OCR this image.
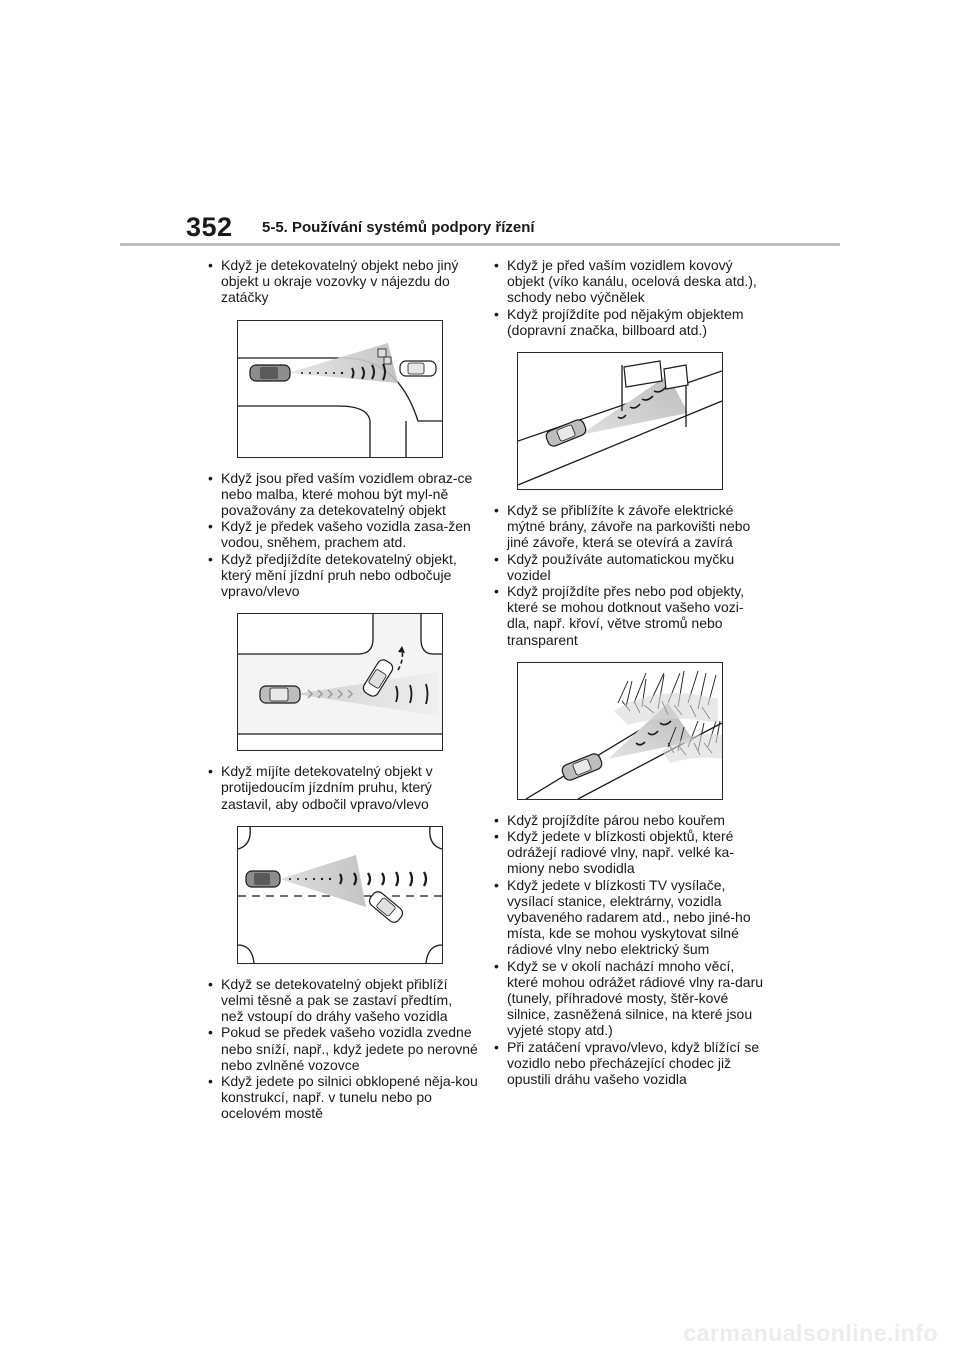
352 5-5. Používání systémů podpory řízení
• Když je detekovatelný objekt nebo jiný objekt u okraje vozovky v nájezdu do zatáčky
• Když jsou před vaším vozidlem obraz-ce nebo malba, které mohou být myl-ně považovány za detekovatelný objekt
• Když je předek vašeho vozidla zasa-žen vodou, sněhem, prachem atd.
• Když předjíždíte detekovatelný objekt, který mění jízdní pruh nebo odbočuje vpravo/vlevo
• Když míjíte detekovatelný objekt v protijedoucím jízdním pruhu, který zastavil, aby odbočil vpravo/vlevo
• Když se detekovatelný objekt přiblíží velmi těsně a pak se zastaví předtím, než vstoupí do dráhy vašeho vozidla
• Pokud se předek vašeho vozidla zvedne nebo sníží, např., když jedete po nerovné nebo zvlněné vozovce
• Když jedete po silnici obklopené něja-kou konstrukcí, např. v tunelu nebo po ocelovém mostě
• Když je před vaším vozidlem kovový objekt (víko kanálu, ocelová deska atd.), schody nebo výčnělek
• Když projíždíte pod nějakým objektem (dopravní značka, billboard atd.)
• Když se přiblížíte k závoře elektrické mýtné brány, závoře na parkovišti nebo jiné závoře, která se otevírá a zavírá
• Když používáte automatickou myčku vozidel
• Když projíždíte přes nebo pod objekty, které se mohou dotknout vašeho vozi-dla, např. křoví, větve stromů nebo transparent
• Když projíždíte párou nebo kouřem
• Když jedete v blízkosti objektů, které odrážejí radiové vlny, např. velké ka-miony nebo svodidla
• Když jedete v blízkosti TV vysílače, vysílací stanice, elektrárny, vozidla vybaveného radarem atd., nebo jiné-ho místa, kde se mohou vyskytovat silné rádiové vlny nebo elektrický šum
• Když se v okolí nachází mnoho věcí, které mohou odrážet rádiové vlny ra-daru (tunely, příhradové mosty, štěr-kové silnice, zasněžená silnice, na které jsou vyjeté stopy atd.)
• Při zatáčení vpravo/vlevo, když blížící se vozidlo nebo přecházející chodec již opustili dráhu vašeho vozidla
carmanualsonline.info
